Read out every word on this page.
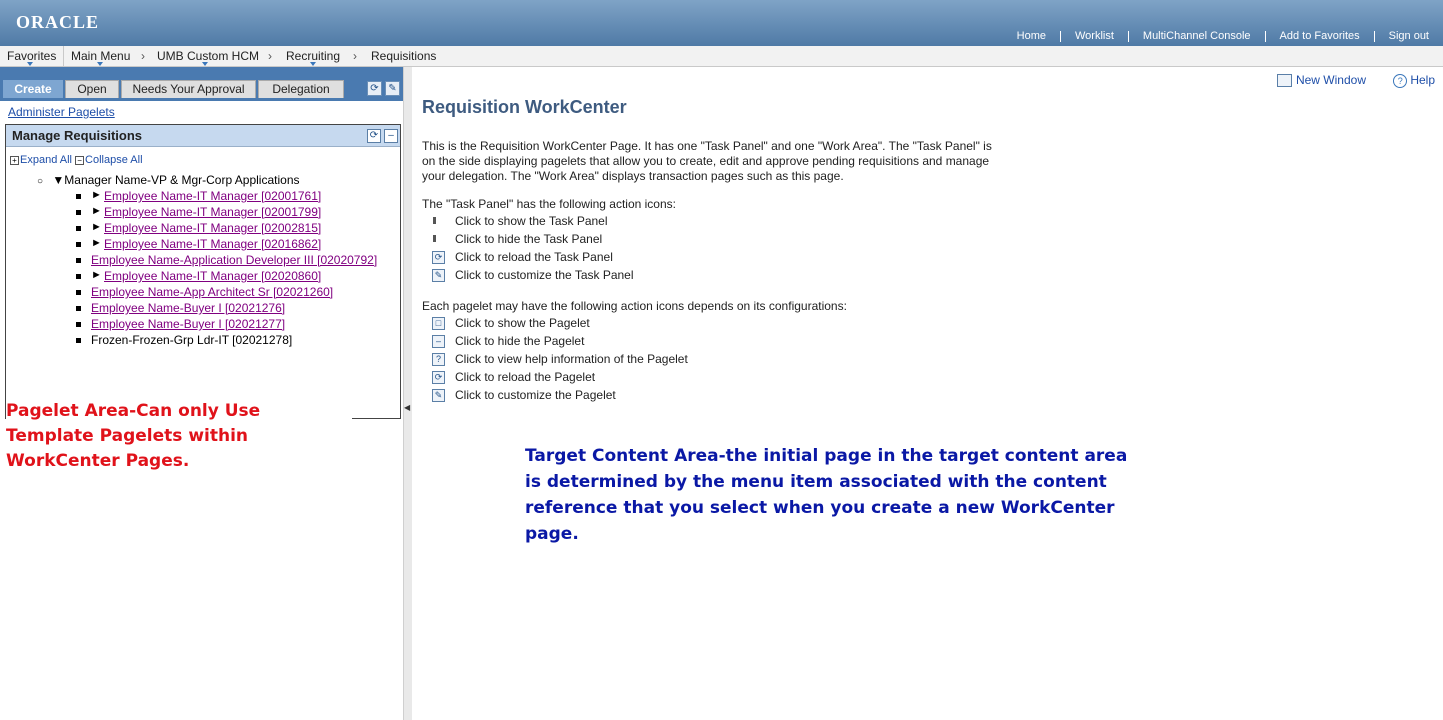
ORACLE
Home	Worklist	MultiChannel Console	Add to Favorites	Sign out
Favorites Main Menu › UMB Custom HCM › Recruiting › Requisitions
Create	Open	Needs Your Approval	Delegation	⟳ ✎
Administer Pagelets
Manage Requisitions	⟳	–
+ Expand All − Collapse All
○ ▼Manager Name-VP & Mgr-Corp Applications
► Employee Name-IT Manager [02001761]
► Employee Name-IT Manager [02001799]
► Employee Name-IT Manager [02002815]
► Employee Name-IT Manager [02016862]
Employee Name-Application Developer III [02020792]
► Employee Name-IT Manager [02020860]
Employee Name-App Architect Sr [02021260]
Employee Name-Buyer I [02021276]
Employee Name-Buyer I [02021277]
Frozen-Frozen-Grp Ldr-IT [02021278]
Pagelet Area-Can only Use Template Pagelets within WorkCenter Pages.
◀
New Window	? Help
Requisition WorkCenter
This is the Requisition WorkCenter Page. It has one "Task Panel" and one "Work Area". The "Task Panel" is on the side displaying pagelets that allow you to create, edit and approve pending requisitions and manage your delegation. The "Work Area" displays transaction pages such as this page.
The "Task Panel" has the following action icons:
Click to show the Task Panel
Click to hide the Task Panel
⟳ Click to reload the Task Panel
✎ Click to customize the Task Panel
Each pagelet may have the following action icons depends on its configurations:
□	Click to show the Pagelet
–	Click to hide the Pagelet
?	Click to view help information of the Pagelet
⟳ Click to reload the Pagelet
✎ Click to customize the Pagelet
Target Content Area-the initial page in the target content area is determined by the menu item associated with the content reference that you select when you create a new WorkCenter page.
